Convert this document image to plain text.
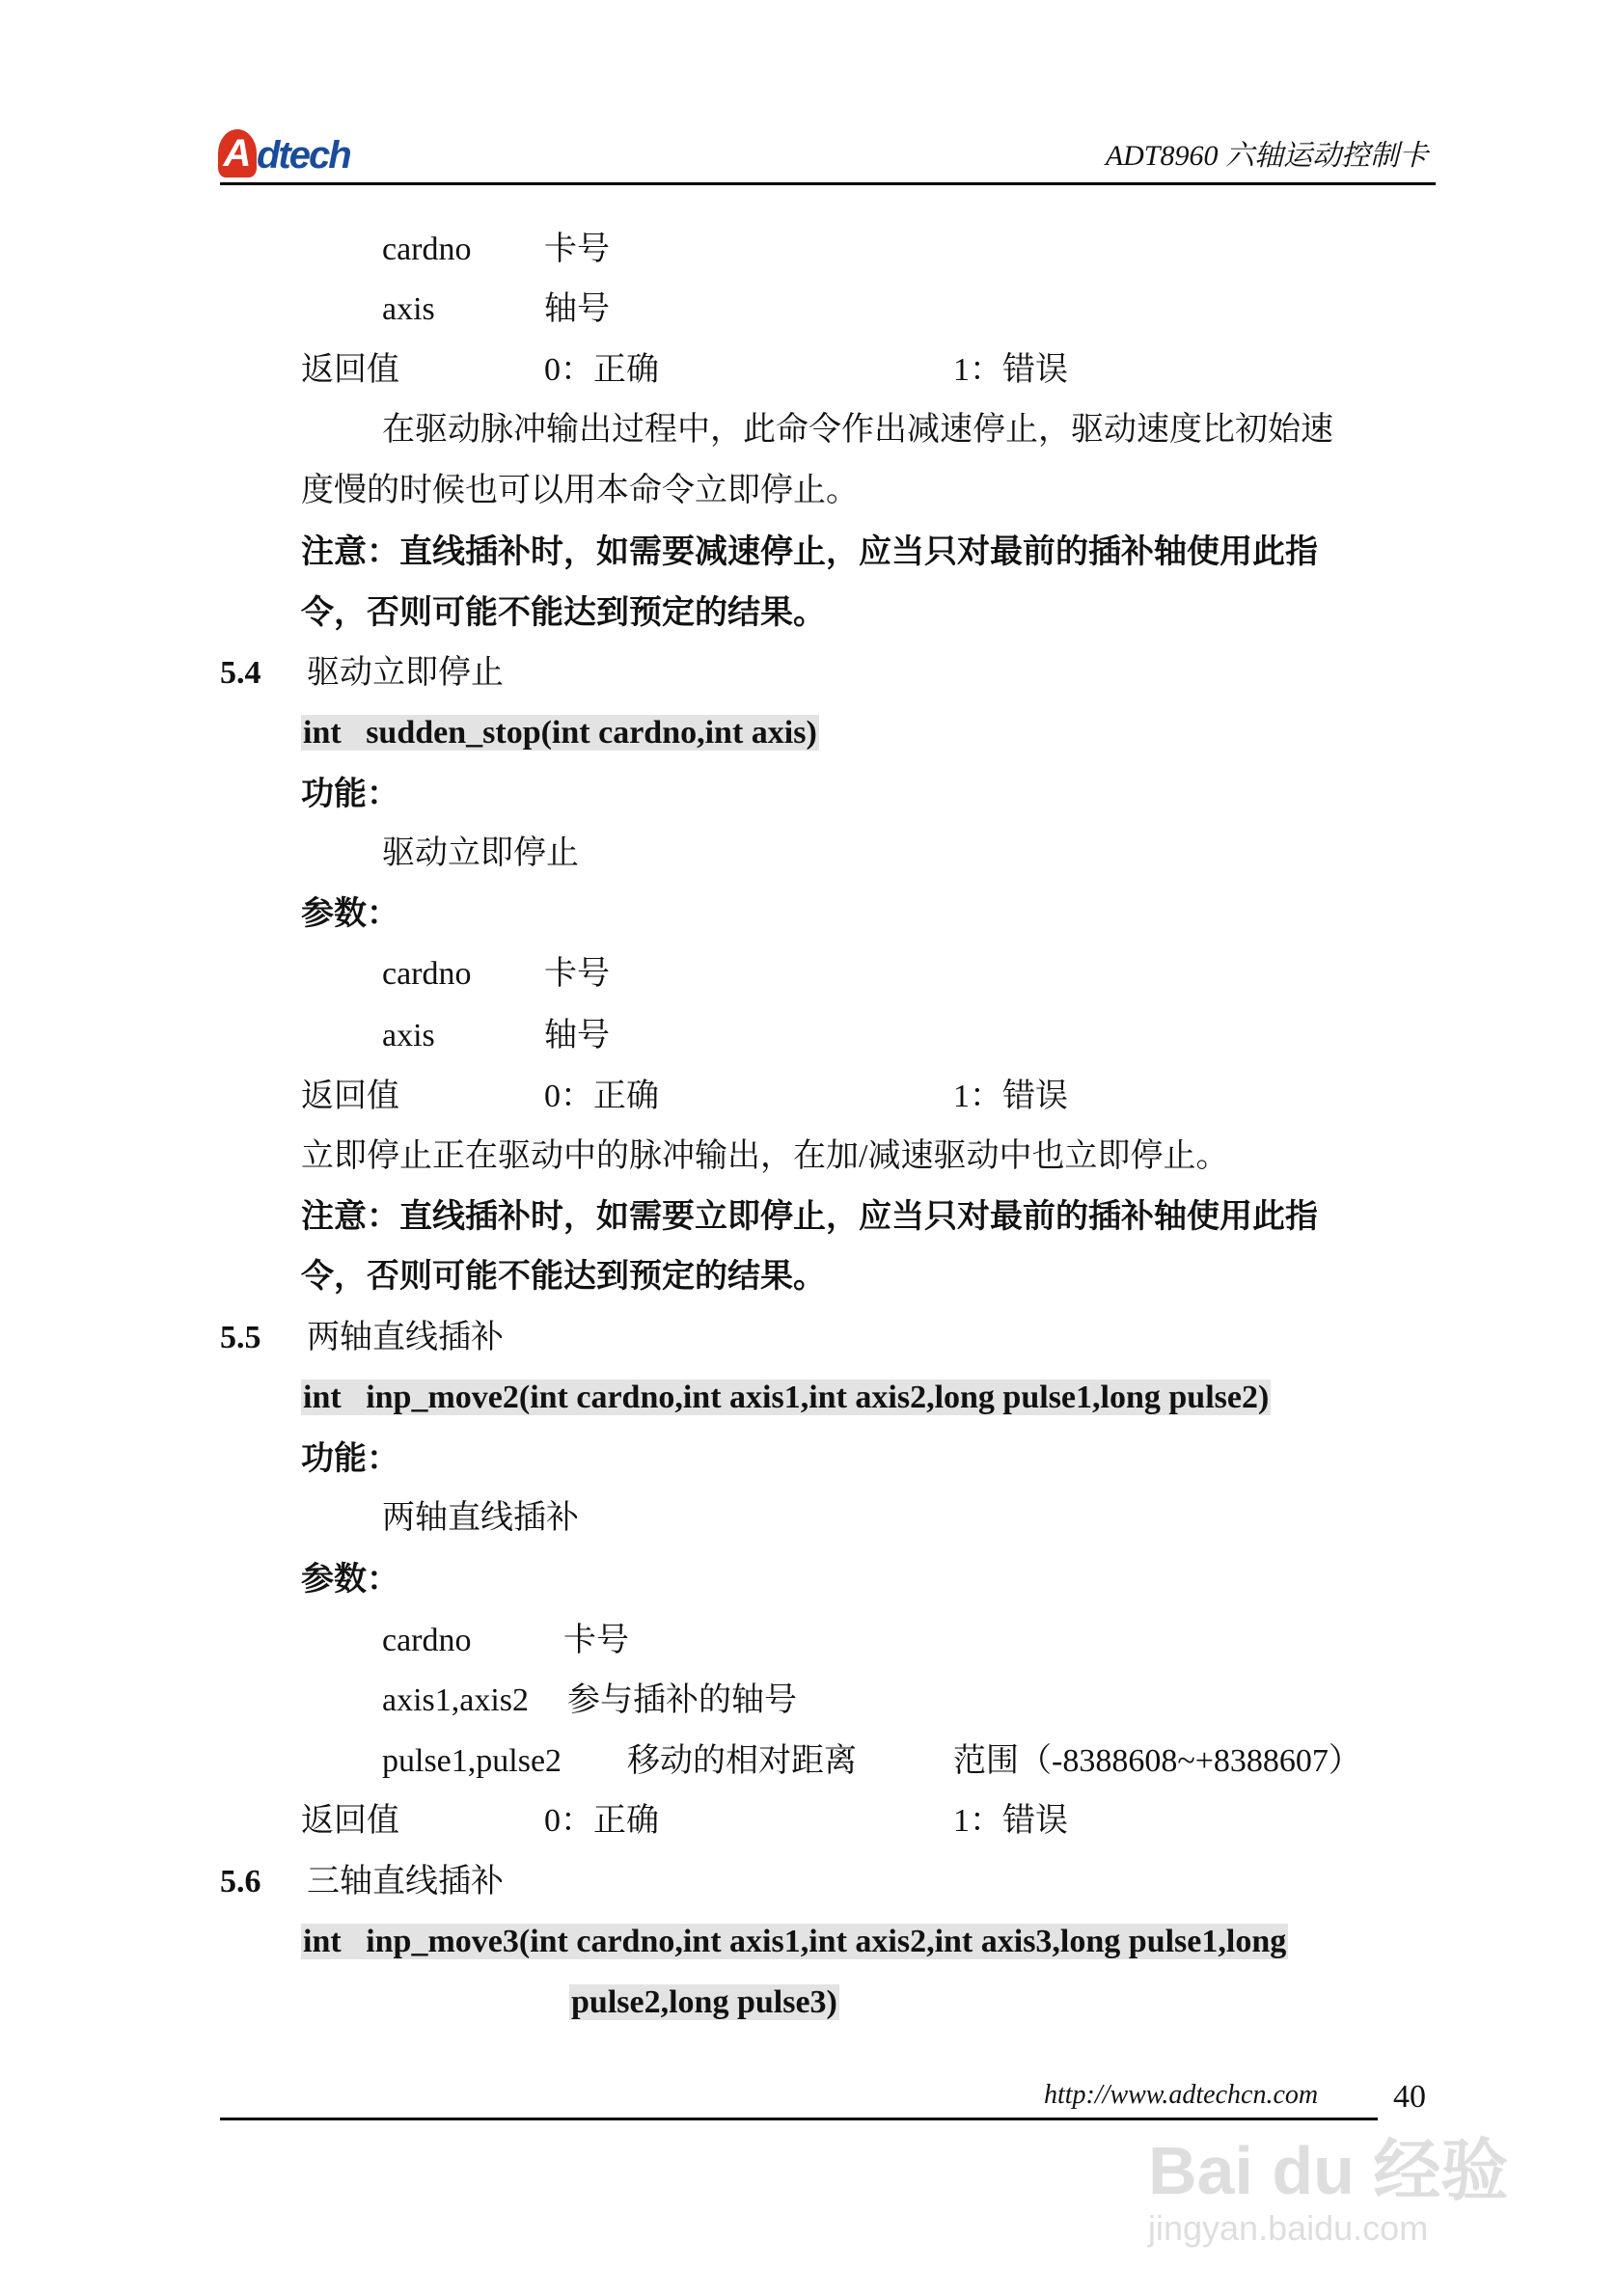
A dtech	ADT8960 六轴运动控制卡
cardno 卡号
axis	轴号
返回值	0：正确	1：错误
在驱动脉冲输出过程中，此命令作出减速停止，驱动速度比初始速
度慢的时候也可以用本命令立即停止。
注意：直线插补时，如需要减速停止，应当只对最前的插补轴使用此指
令，否则可能不能达到预定的结果。
5.4 驱动立即停止
int sudden_stop(int cardno,int axis)
功能：
驱动立即停止
参数：
cardno 卡号
axis	轴号
返回值	0：正确	1：错误
立即停止正在驱动中的脉冲输出，在加/减速驱动中也立即停止。
注意：直线插补时，如需要立即停止，应当只对最前的插补轴使用此指
令，否则可能不能达到预定的结果。
5.5 两轴直线插补
int inp_move2(int cardno,int axis1,int axis2,long pulse1,long pulse2)
功能：
两轴直线插补
参数：
cardno	卡号
axis1,axis2 参与插补的轴号
pulse1,pulse2 移动的相对距离	范围（-8388608~+8388607）
返回值	0：正确	1：错误
5.6 三轴直线插补
int inp_move3(int cardno,int axis1,int axis2,int axis3,long pulse1,long
pulse2,long pulse3)
http://www.adtechcn.com 40
Bai du 经验
jingyan.baidu.com
